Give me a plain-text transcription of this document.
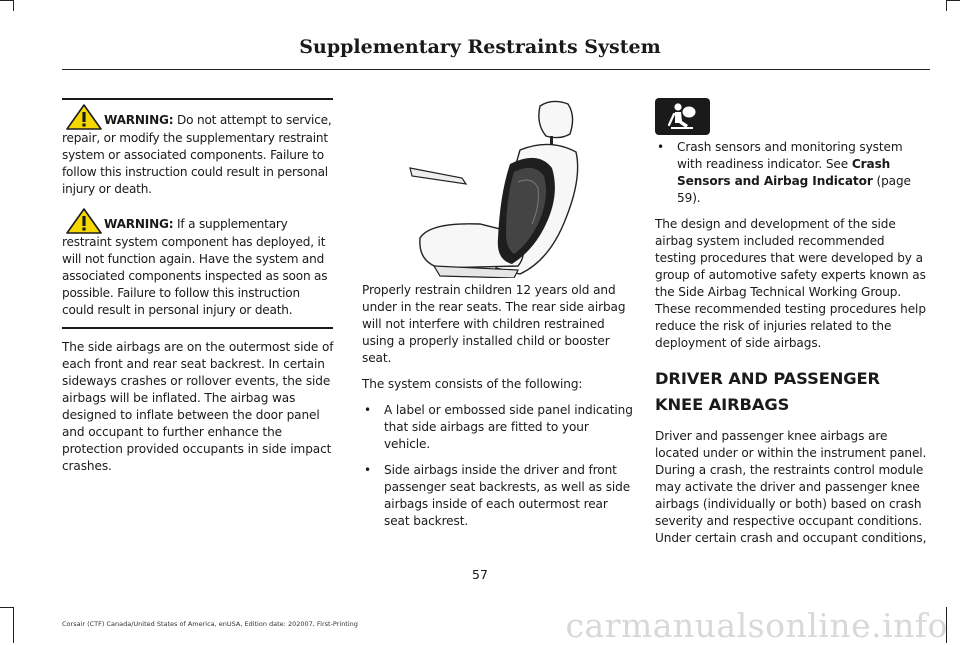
Supplementary Restraints System

WARNING: Do not attempt to service, repair, or modify the supplementary restraint system or associated components. Failure to follow this instruction could result in personal injury or death.

WARNING: If a supplementary restraint system component has deployed, it will not function again. Have the system and associated components inspected as soon as possible. Failure to follow this instruction could result in personal injury or death.

The side airbags are on the outermost side of each front and rear seat backrest. In certain sideways crashes or rollover events, the side airbags will be inflated. The airbag was designed to inflate between the door panel and occupant to further enhance the protection provided occupants in side impact crashes.

Properly restrain children 12 years old and under in the rear seats. The rear side airbag will not interfere with children restrained using a properly installed child or booster seat.

The system consists of the following:

• A label or embossed side panel indicating that side airbags are fitted to your vehicle.
• Side airbags inside the driver and front passenger seat backrests, as well as side airbags inside of each outermost rear seat backrest.
• Crash sensors and monitoring system with readiness indicator. See Crash Sensors and Airbag Indicator (page 59).

The design and development of the side airbag system included recommended testing procedures that were developed by a group of automotive safety experts known as the Side Airbag Technical Working Group. These recommended testing procedures help reduce the risk of injuries related to the deployment of side airbags.

DRIVER AND PASSENGER KNEE AIRBAGS

Driver and passenger knee airbags are located under or within the instrument panel. During a crash, the restraints control module may activate the driver and passenger knee airbags (individually or both) based on crash severity and respective occupant conditions. Under certain crash and occupant conditions,

57
Corsair (CTF) Canada/United States of America, enUSA, Edition date: 202007, First-Printing	carmanualsonline.info
